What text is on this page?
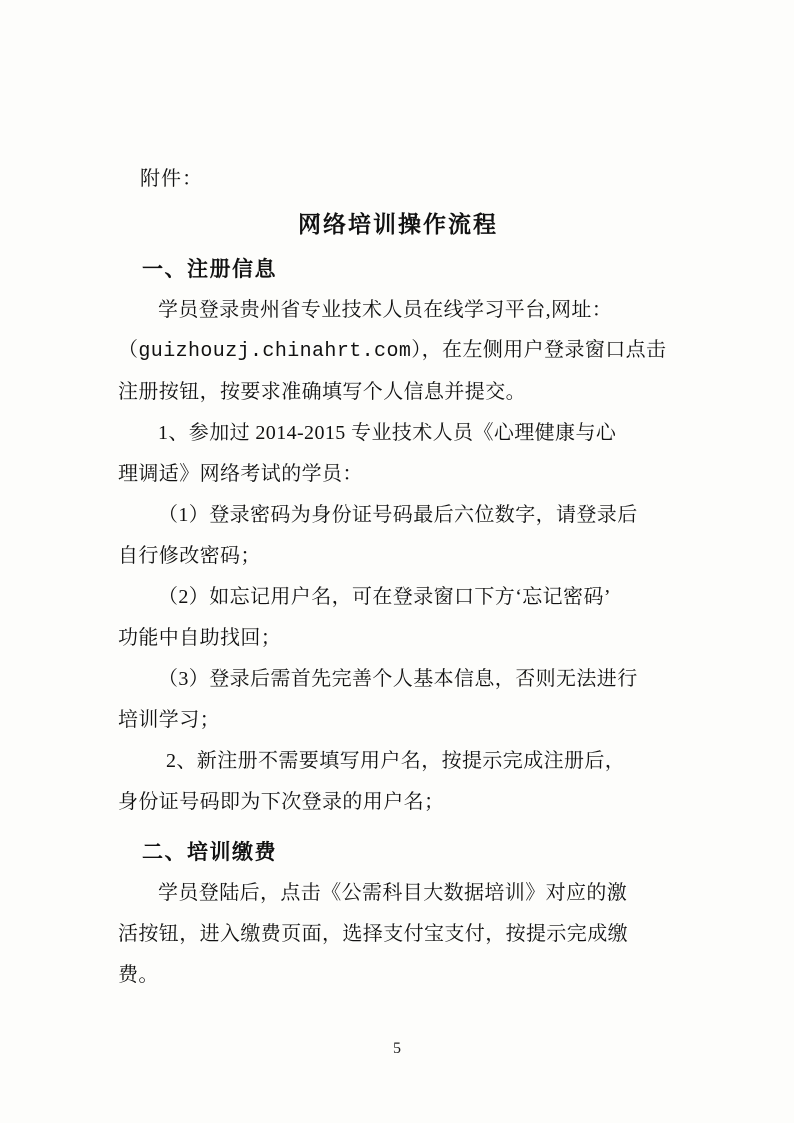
附件：
网络培训操作流程
一、注册信息

学员登录贵州省专业技术人员在线学习平台,网址：

（guizhouzj.chinahrt.com），在左侧用户登录窗口点击

注册按钮，按要求准确填写个人信息并提交。

1、参加过 2014-2015 专业技术人员《心理健康与心

理调适》网络考试的学员：

（1）登录密码为身份证号码最后六位数字，请登录后

自行修改密码；

（2）如忘记用户名，可在登录窗口下方‘忘记密码’

功能中自助找回；

（3）登录后需首先完善个人基本信息，否则无法进行

培训学习；

2、新注册不需要填写用户名，按提示完成注册后，

身份证号码即为下次登录的用户名；

二、培训缴费

学员登陆后，点击《公需科目大数据培训》对应的激

活按钮，进入缴费页面，选择支付宝支付，按提示完成缴

费。

5
